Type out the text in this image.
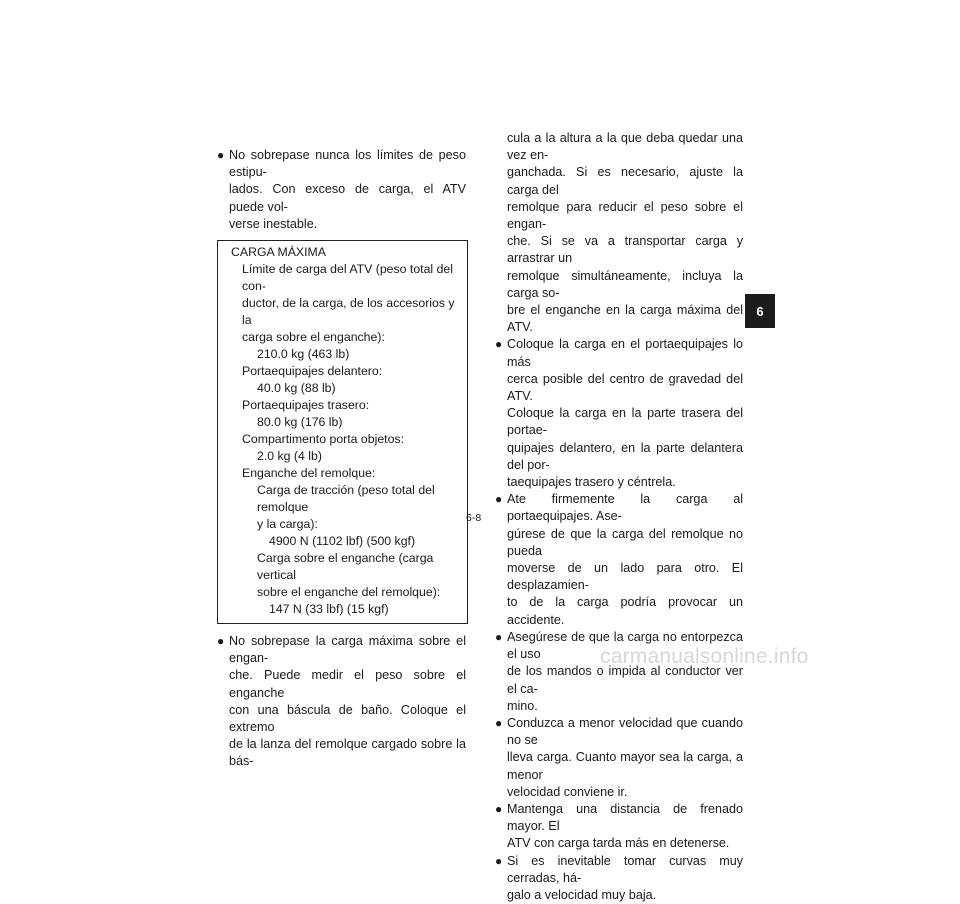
● No sobrepase nunca los límites de peso estipu-
lados. Con exceso de carga, el ATV puede vol-
verse inestable.
CARGA MÁXIMA
Límite de carga del ATV (peso total del con-
ductor, de la carga, de los accesorios y la
carga sobre el enganche):
210.0 kg (463 lb)
Portaequipajes delantero:
40.0 kg (88 lb)
Portaequipajes trasero:
80.0 kg (176 lb)
Compartimento porta objetos:
2.0 kg (4 lb)
Enganche del remolque:
Carga de tracción (peso total del remolque
y la carga):
4900 N (1102 lbf) (500 kgf)
Carga sobre el enganche (carga vertical
sobre el enganche del remolque):
147 N (33 lbf) (15 kgf)
● No sobrepase la carga máxima sobre el engan-
che. Puede medir el peso sobre el enganche
con una báscula de baño. Coloque el extremo
de la lanza del remolque cargado sobre la bás-
cula a la altura a la que deba quedar una vez en-
ganchada. Si es necesario, ajuste la carga del
remolque para reducir el peso sobre el engan-
che. Si se va a transportar carga y arrastrar un
remolque simultáneamente, incluya la carga so-
bre el enganche en la carga máxima del ATV.
● Coloque la carga en el portaequipajes lo más
cerca posible del centro de gravedad del ATV.
Coloque la carga en la parte trasera del portae-
quipajes delantero, en la parte delantera del por-
taequipajes trasero y céntrela.
● Ate firmemente la carga al portaequipajes. Ase-
gúrese de que la carga del remolque no pueda
moverse de un lado para otro. El desplazamien-
to de la carga podría provocar un accidente.
● Asegúrese de que la carga no entorpezca el uso
de los mandos o impida al conductor ver el ca-
mino.
● Conduzca a menor velocidad que cuando no se
lleva carga. Cuanto mayor sea la carga, a menor
velocidad conviene ir.
● Mantenga una distancia de frenado mayor. El
ATV con carga tarda más en detenerse.
● Si es inevitable tomar curvas muy cerradas, há-
galo a velocidad muy baja.
6-8
6
carmanualsonline.info
